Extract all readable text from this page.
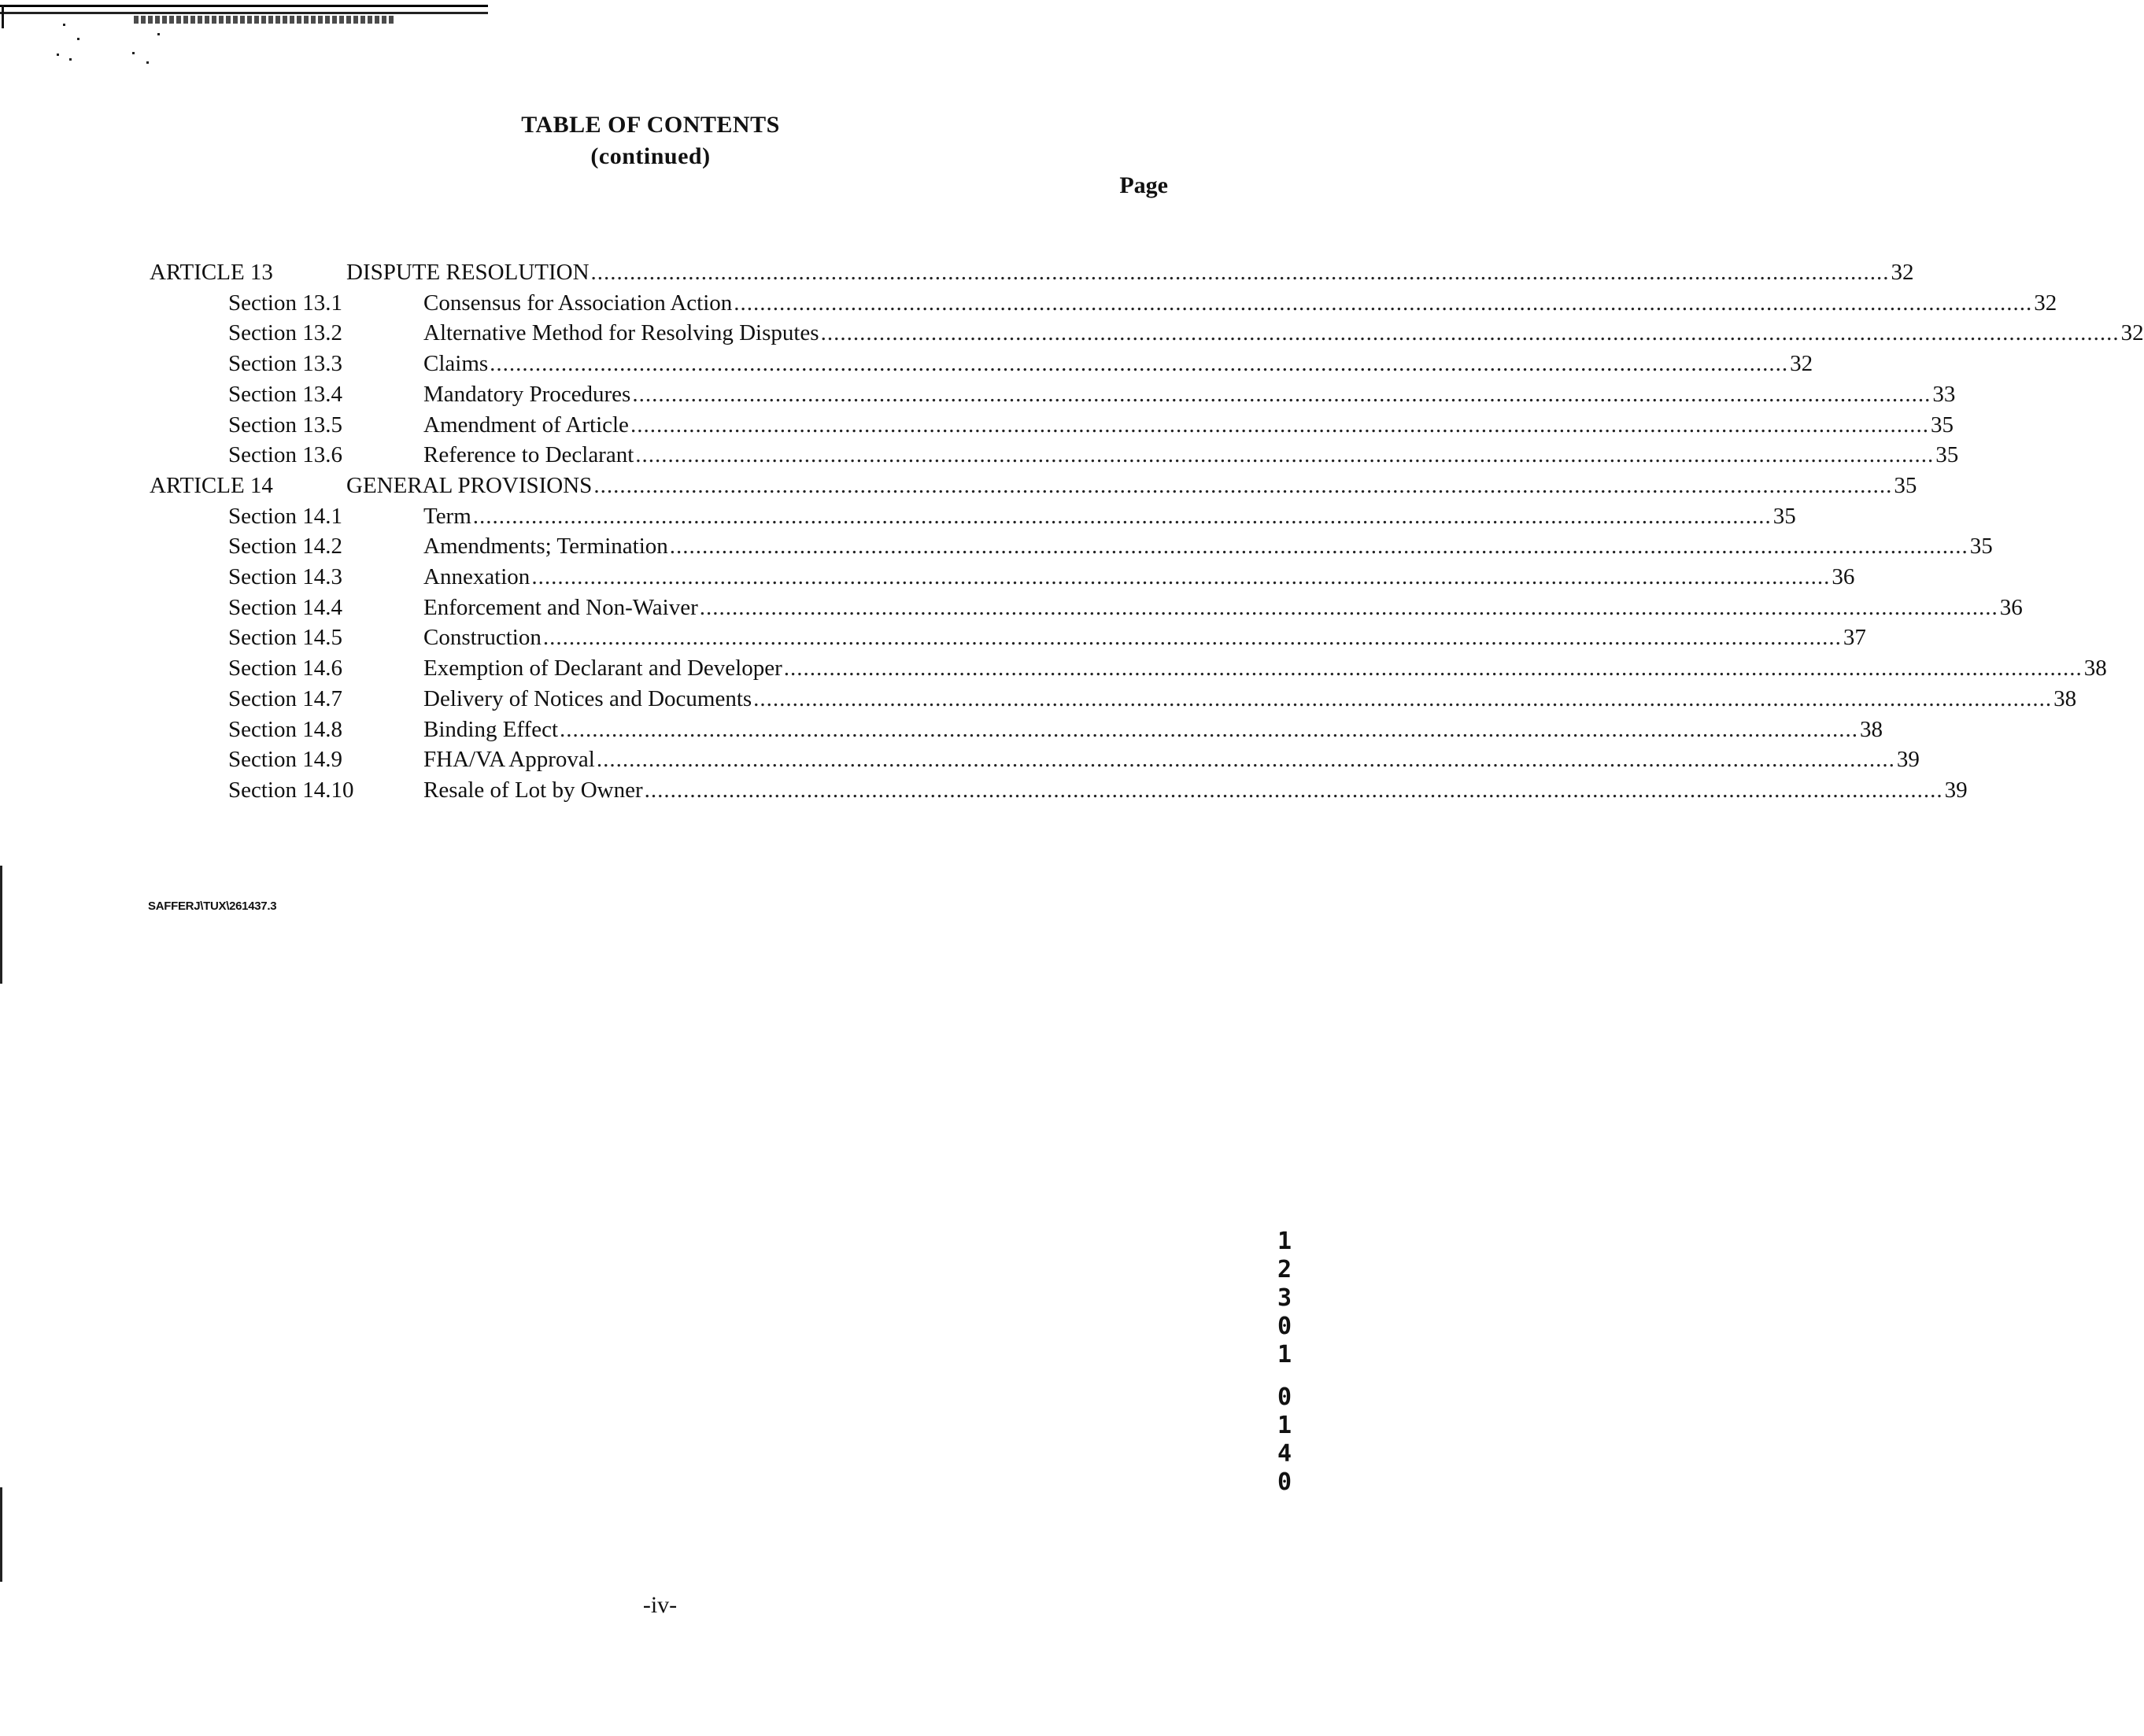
TABLE OF CONTENTS
(continued)
Page
ARTICLE 13	DISPUTE RESOLUTION ........................................................................................................................................................................................................ 32
Section 13.1	Consensus for Association Action ........................................................................................................................................................................................................ 32
Section 13.2	Alternative Method for Resolving Disputes ........................................................................................................................................................................................................ 32
Section 13.3	Claims ........................................................................................................................................................................................................ 32
Section 13.4	Mandatory Procedures ........................................................................................................................................................................................................ 33
Section 13.5	Amendment of Article ........................................................................................................................................................................................................ 35
Section 13.6	Reference to Declarant ........................................................................................................................................................................................................ 35
ARTICLE 14	GENERAL PROVISIONS ........................................................................................................................................................................................................ 35
Section 14.1	Term ........................................................................................................................................................................................................ 35
Section 14.2	Amendments; Termination ........................................................................................................................................................................................................ 35
Section 14.3	Annexation ........................................................................................................................................................................................................ 36
Section 14.4	Enforcement and Non-Waiver ........................................................................................................................................................................................................ 36
Section 14.5	Construction ........................................................................................................................................................................................................ 37
Section 14.6	Exemption of Declarant and Developer ........................................................................................................................................................................................................ 38
Section 14.7	Delivery of Notices and Documents ........................................................................................................................................................................................................ 38
Section 14.8	Binding Effect ........................................................................................................................................................................................................ 38
Section 14.9	FHA/VA Approval ........................................................................................................................................................................................................ 39
Section 14.10	Resale of Lot by Owner ........................................................................................................................................................................................................ 39
SAFFERJ\TUX\261437.3
-iv-
1
2
3
0
1
0
1
4
0
